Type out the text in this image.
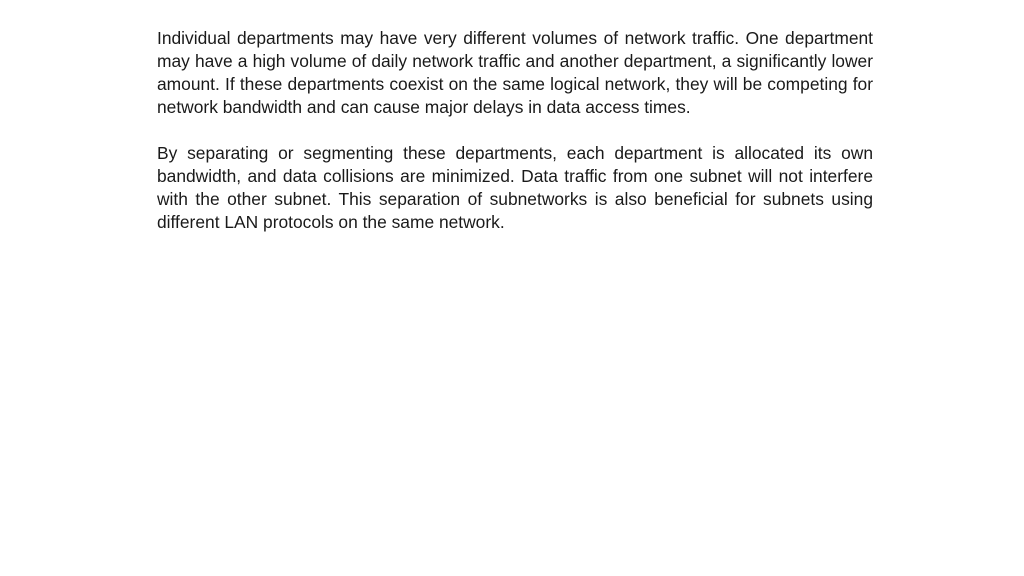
Individual departments may have very different volumes of network traffic. One department may have a high volume of daily network traffic and another department, a significantly lower amount. If these departments coexist on the same logical network, they will be competing for network bandwidth and can cause major delays in data access times.

By separating or segmenting these departments, each department is allocated its own bandwidth, and data collisions are minimized. Data traffic from one subnet will not interfere with the other subnet. This separation of subnetworks is also beneficial for subnets using different LAN protocols on the same network.
